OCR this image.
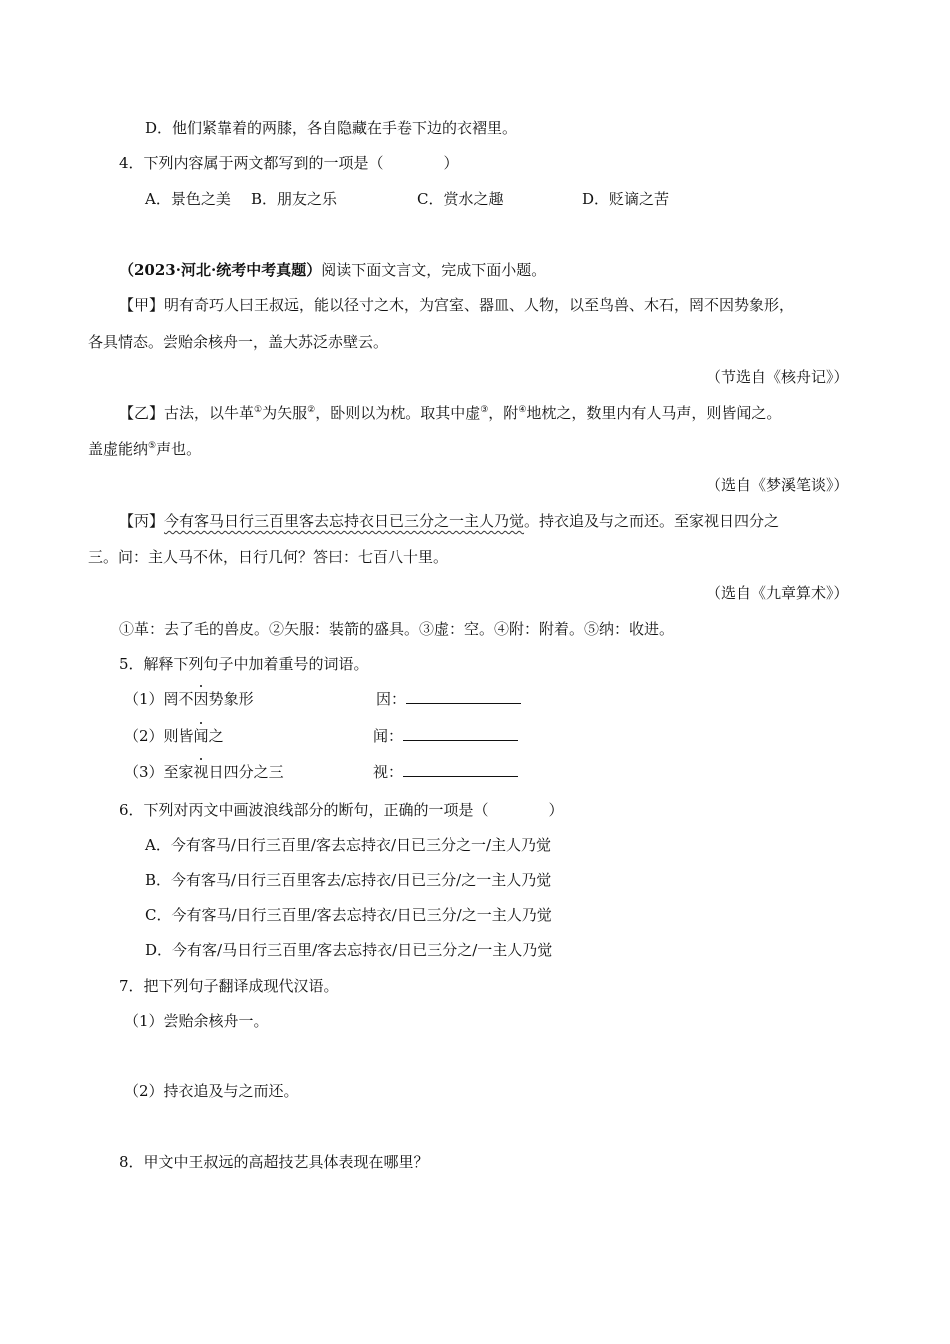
D．他们紧靠着的两膝，各自隐藏在手卷下边的衣褶里。
4．下列内容属于两文都写到的一项是（　　　　）
A．景色之美 B．朋友之乐	C．赏水之趣	D．贬谪之苦
（2023·河北·统考中考真题）阅读下面文言文，完成下面小题。
【甲】明有奇巧人曰王叔远，能以径寸之木，为宫室、器皿、人物，以至鸟兽、木石，罔不因势象形，
各具情态。尝贻余核舟一，盖大苏泛赤壁云。
（节选自《核舟记》）
【乙】古法，以牛革①为矢服②，卧则以为枕。取其中虚③，附④地枕之，数里内有人马声，则皆闻之。
盖虚能纳⑤声也。
（选自《梦溪笔谈》）
【丙】今有客马日行三百里客去忘持衣日已三分之一主人乃觉。持衣追及与之而还。至家视日四分之
三。问：主人马不休，日行几何？答曰：七百八十里。
（选自《九章算术》）
①革：去了毛的兽皮。②矢服：装箭的盛具。③虚：空。④附：附着。⑤纳：收进。
5．解释下列句子中加着重号的词语。
（1）罔不因势象形	因：
（2）则皆闻之	闻：
（3）至家视日四分之三	视：
6．下列对丙文中画波浪线部分的断句，正确的一项是（　　　　）
A．今有客马/日行三百里/客去忘持衣/日已三分之一/主人乃觉
B．今有客马/日行三百里客去/忘持衣/日已三分/之一主人乃觉
C．今有客马/日行三百里/客去忘持衣/日已三分/之一主人乃觉
D．今有客/马日行三百里/客去忘持衣/日已三分之/一主人乃觉
7．把下列句子翻译成现代汉语。
（1）尝贻余核舟一。
（2）持衣追及与之而还。
8．甲文中王叔远的高超技艺具体表现在哪里？
